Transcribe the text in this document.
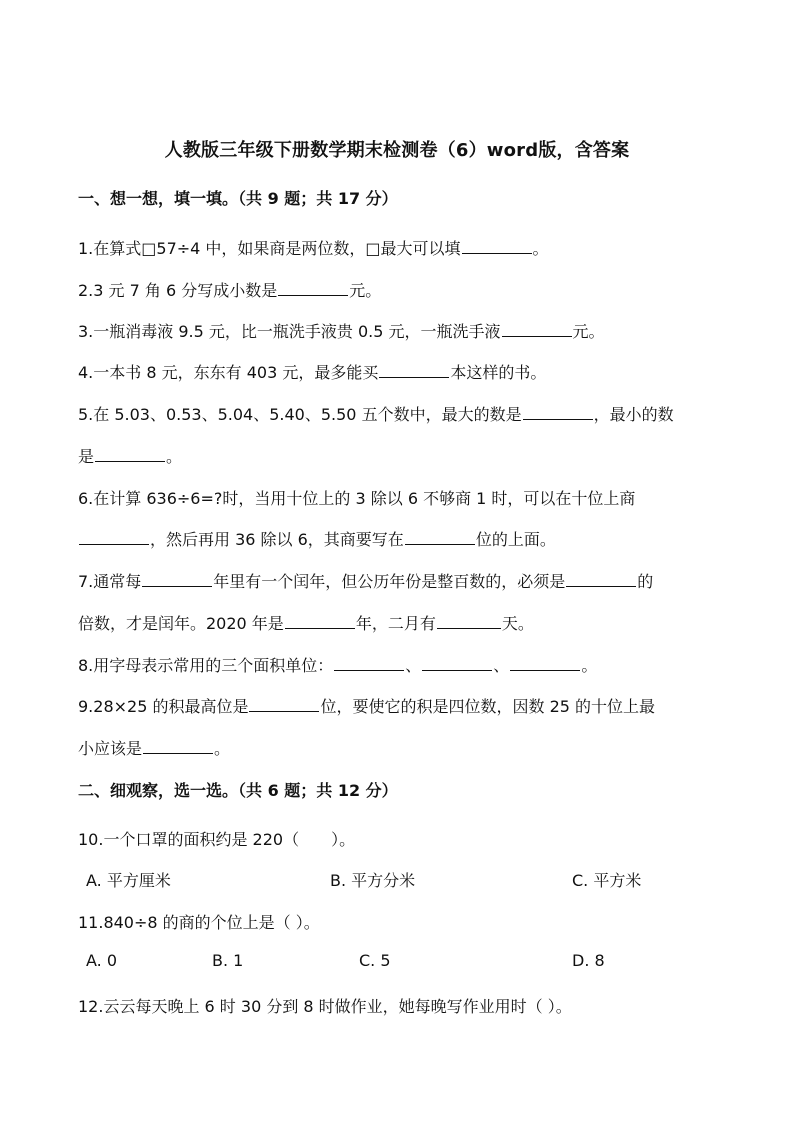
人教版三年级下册数学期末检测卷（6）word版，含答案
一、想一想，填一填。（共 9 题；共 17 分）
1.在算式□57÷4 中，如果商是两位数，□最大可以填	。
2.3 元 7 角 6 分写成小数是	元。
3.一瓶消毒液 9.5 元，比一瓶洗手液贵 0.5 元，一瓶洗手液	元。
4.一本书 8 元，东东有 403 元，最多能买	本这样的书。
5.在 5.03、0.53、5.04、5.40、5.50 五个数中，最大的数是	，最小的数
是	。
6.在计算 636÷6=?时，当用十位上的 3 除以 6 不够商 1 时，可以在十位上商
，然后再用 36 除以 6，其商要写在	位的上面。
7.通常每	年里有一个闰年，但公历年份是整百数的，必须是	的
倍数，才是闰年。2020 年是	年，二月有	天。
8.用字母表示常用的三个面积单位：	、	、	。
9.28×25 的积最高位是	位，要使它的积是四位数，因数 25 的十位上最
小应该是	。
二、细观察，选一选。（共 6 题；共 12 分）
10.一个口罩的面积约是 220（　　）。
A. 平方厘米	B. 平方分米	C. 平方米
11.840÷8 的商的个位上是（ ）。
A. 0	B. 1	C. 5	D. 8
12.云云每天晚上 6 时 30 分到 8 时做作业，她每晚写作业用时（ ）。
